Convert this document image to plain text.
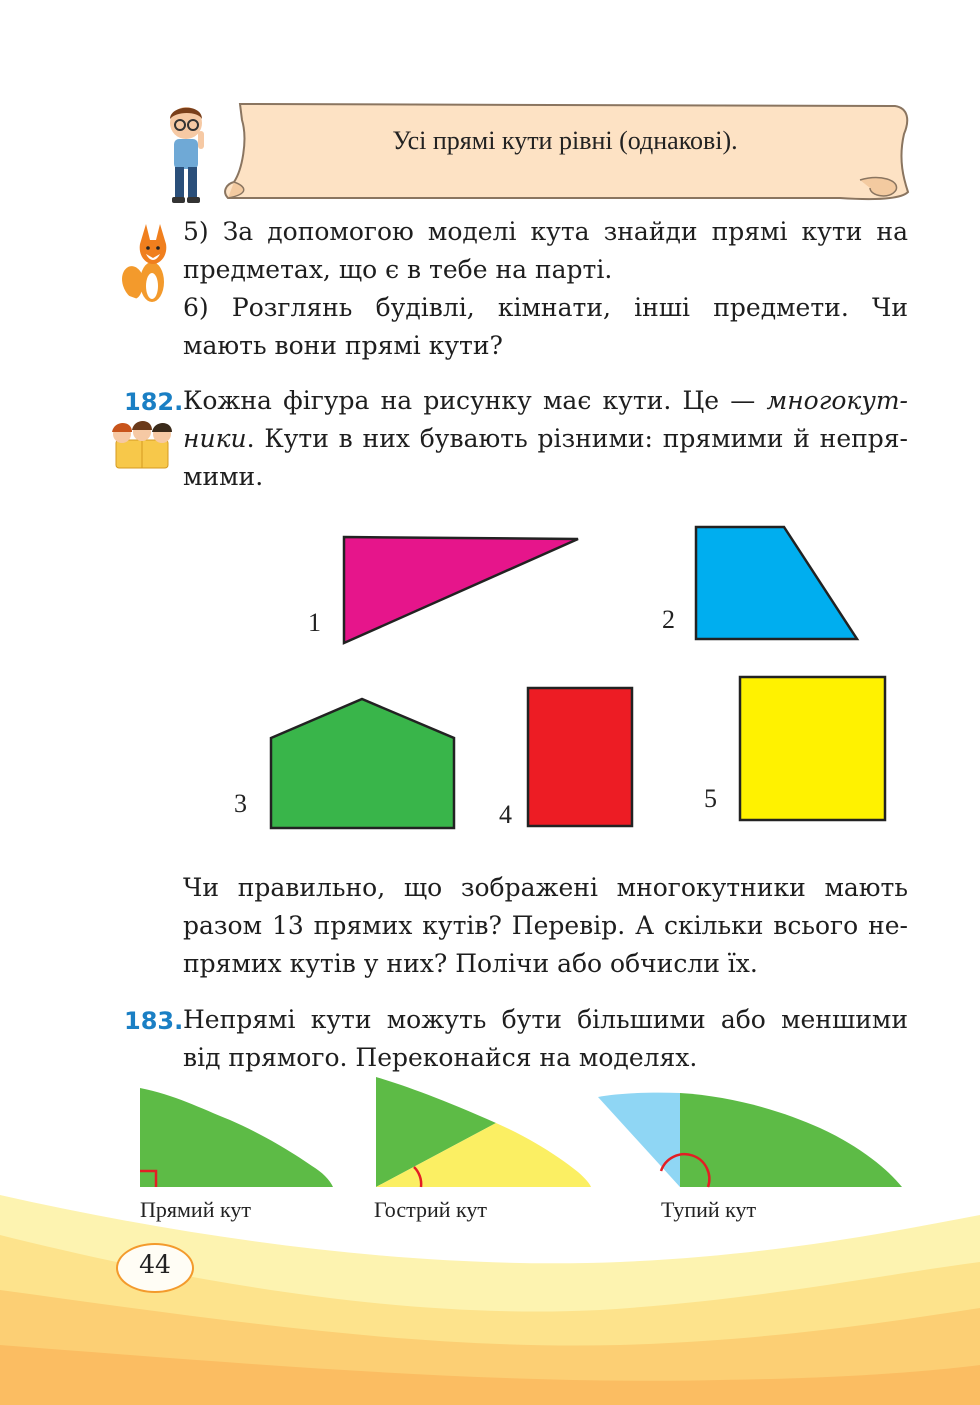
Усі прямі кути рівні (однакові).
5) За допомогою моделі кута знайди прямі кути на
предметах, що є в тебе на парті.
6) Розглянь будівлі, кімнати, інші предмети. Чи
мають вони прямі кути?
182. Кожна фігура на рисунку має кути. Це — многокут-
ники. Кути в них бувають різними: прямими й непря-
мими.
1	2
3	4
5
Чи правильно, що зображені многокутники мають
разом 13 прямих кутів? Перевір. А скільки всього не-
прямих кутів у них? Полічи або обчисли їх.
183. Непрямі кути можуть бути більшими або меншими
від прямого. Переконайся на моделях.
Прямий кут	Гострий кут	Тупий кут
44
